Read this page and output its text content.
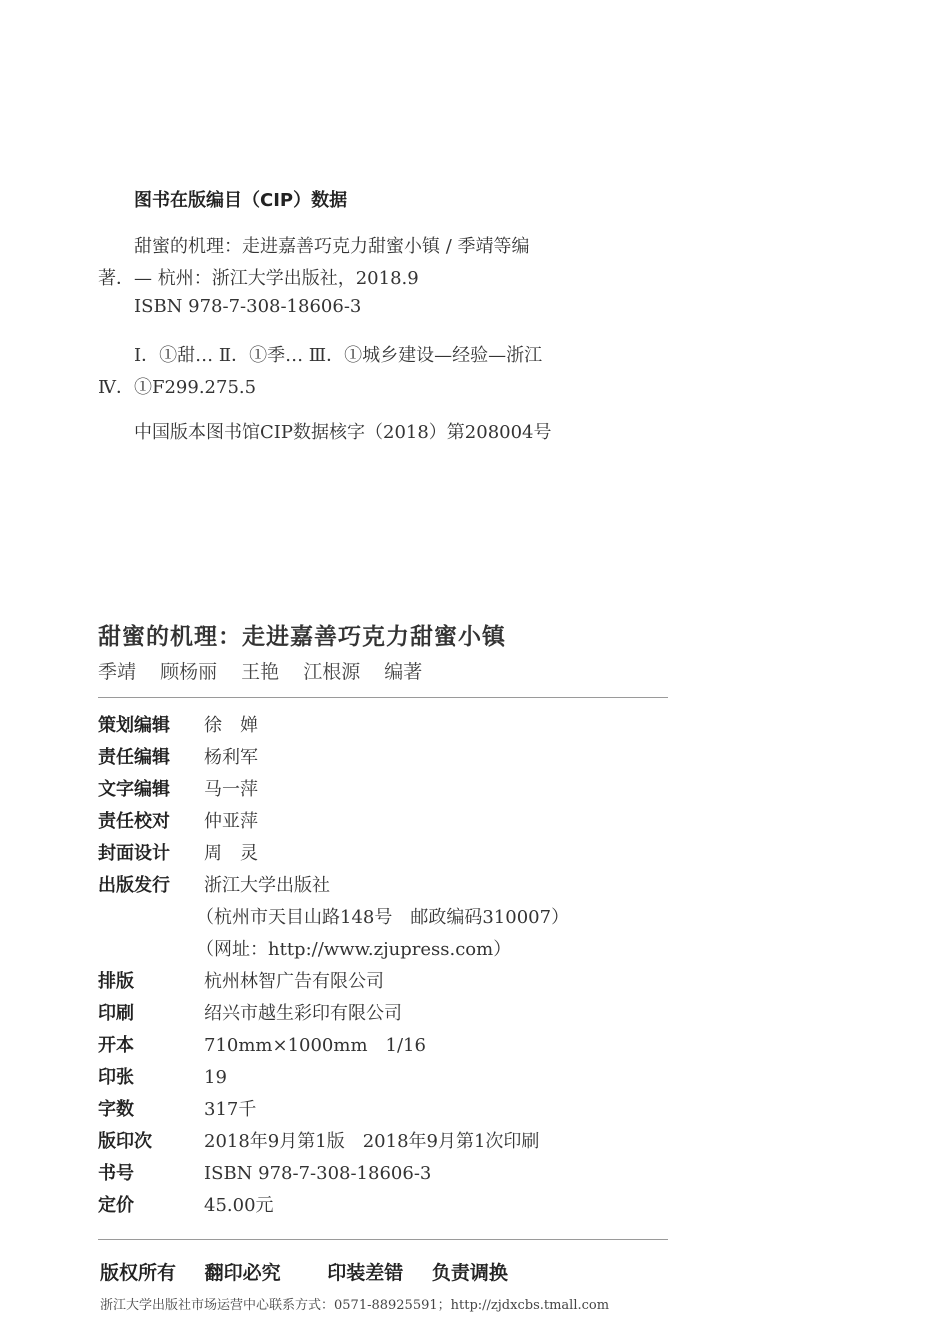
图书在版编目（CIP）数据
甜蜜的机理：走进嘉善巧克力甜蜜小镇 / 季靖等编
著．— 杭州：浙江大学出版社，2018.9
ISBN 978-7-308-18606-3
Ⅰ．①甜… Ⅱ．①季… Ⅲ．①城乡建设—经验—浙江
Ⅳ．①F299.275.5
中国版本图书馆CIP数据核字（2018）第208004号
甜蜜的机理：走进嘉善巧克力甜蜜小镇
季靖 顾杨丽 王艳 江根源 编著
策划编辑 徐　婵
责任编辑 杨利军
文字编辑 马一萍
责任校对 仲亚萍
封面设计 周　灵
出版发行 浙江大学出版社
（杭州市天目山路148号　邮政编码310007）
（网址：http://www.zjupress.com）
排版	杭州林智广告有限公司
印刷	绍兴市越生彩印有限公司
开本	710mm×1000mm　1/16
印张	19
字数	317千
版印次	2018年9月第1版　2018年9月第1次印刷
书号	ISBN 978-7-308-18606-3
定价	45.00元
版权所有 翻印必究 印装差错 负责调换
浙江大学出版社市场运营中心联系方式：0571-88925591；http://zjdxcbs.tmall.com
